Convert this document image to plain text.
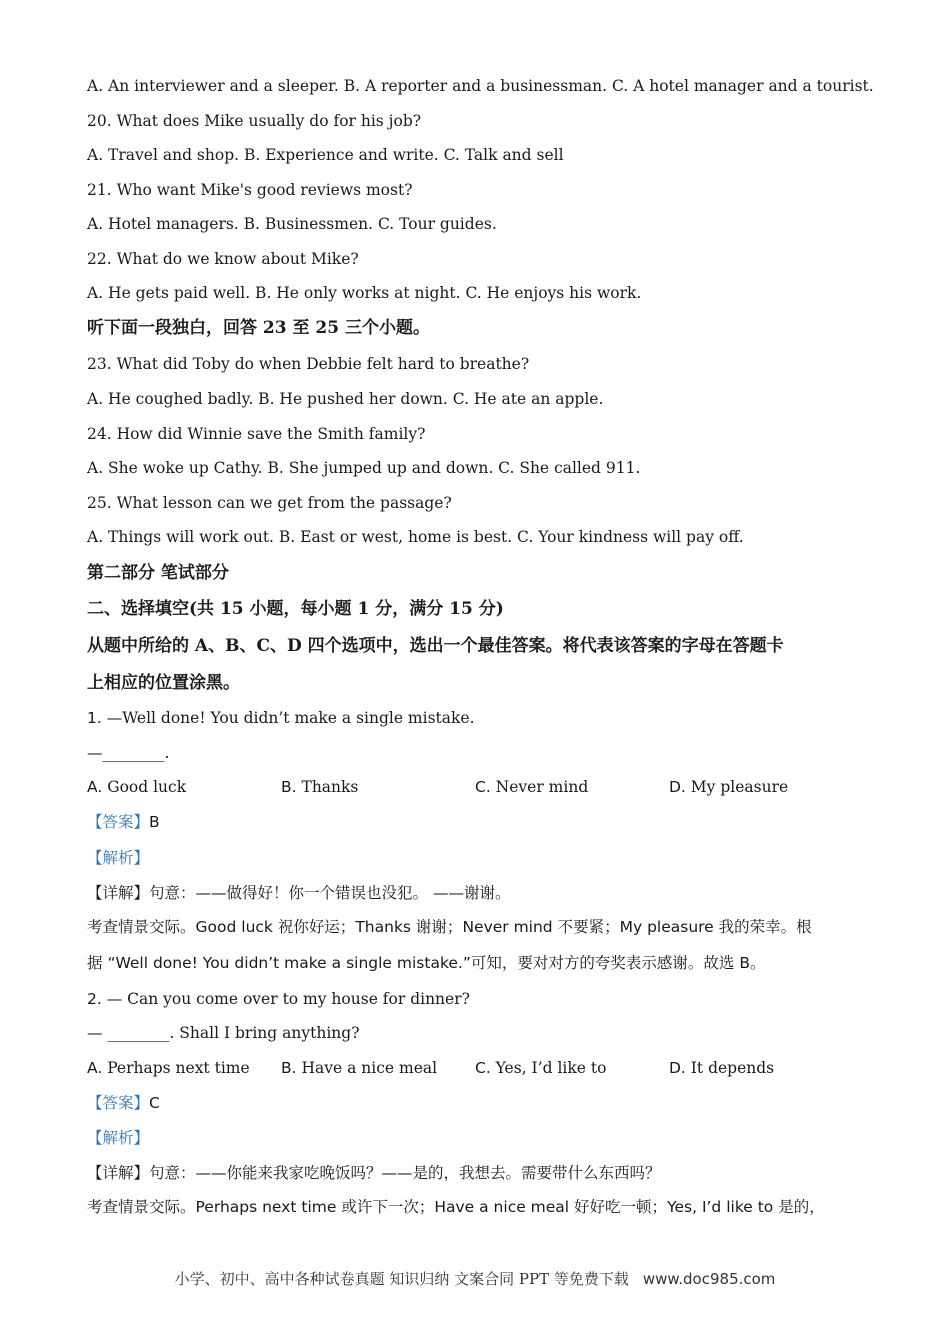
A. An interviewer and a sleeper. B. A reporter and a businessman. C. A hotel manager and a tourist.
20. What does Mike usually do for his job?
A. Travel and shop. B. Experience and write. C. Talk and sell
21. Who want Mike's good reviews most?
A. Hotel managers. B. Businessmen. C. Tour guides.
22. What do we know about Mike?
A. He gets paid well. B. He only works at night. C. He enjoys his work.
听下面一段独白，回答 23 至 25 三个小题。
23. What did Toby do when Debbie felt hard to breathe?
A. He coughed badly. B. He pushed her down. C. He ate an apple.
24. How did Winnie save the Smith family?
A. She woke up Cathy. B. She jumped up and down. C. She called 911.
25. What lesson can we get from the passage?
A. Things will work out. B. East or west, home is best. C. Your kindness will pay off.
第二部分 笔试部分
二、选择填空(共 15 小题，每小题 1 分，满分 15 分)
从题中所给的 A、B、C、D 四个选项中，选出一个最佳答案。将代表该答案的字母在答题卡
上相应的位置涂黑。
1. —Well done! You didn’t make a single mistake.
—________.
A. Good luck	B. Thanks	C. Never mind	D. My pleasure
【答案】B
【解析】
【详解】句意：——做得好！你一个错误也没犯。 ——谢谢。
考查情景交际。Good luck 祝你好运；Thanks 谢谢；Never mind 不要紧；My pleasure 我的荣幸。根
据 “Well done! You didn’t make a single mistake.”可知，要对对方的夸奖表示感谢。故选 B。
2. — Can you come over to my house for dinner?
— ________. Shall I bring anything?
A. Perhaps next time B. Have a nice meal C. Yes, I’d like to	D. It depends
【答案】C
【解析】
【详解】句意：——你能来我家吃晚饭吗？——是的，我想去。需要带什么东西吗？
考查情景交际。Perhaps next time 或许下一次；Have a nice meal 好好吃一顿；Yes, I’d like to 是的，
小学、初中、高中各种试卷真题 知识归纳 文案合同 PPT 等免费下载 www.doc985.com
